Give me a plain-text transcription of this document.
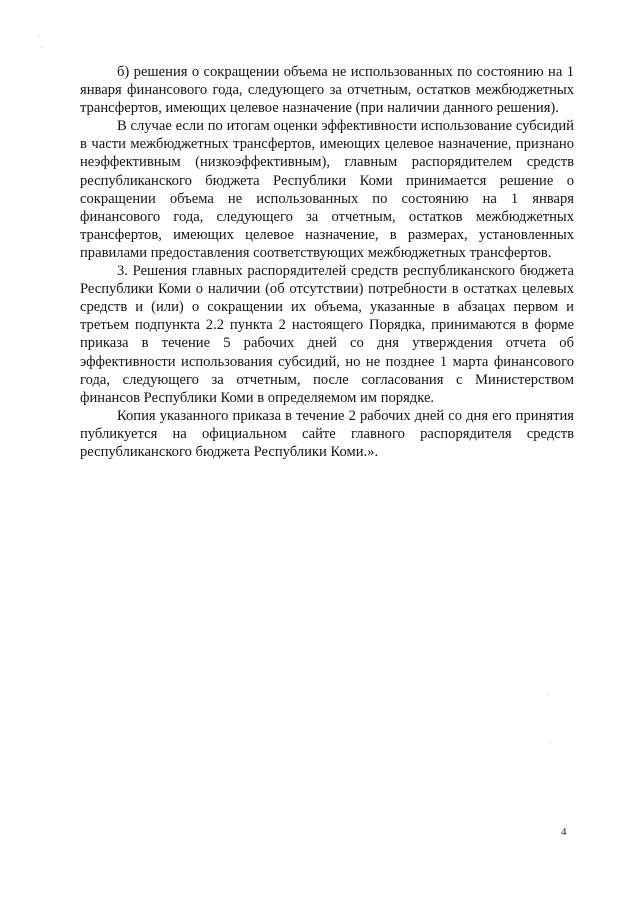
б) решения о сокращении объема не использованных по состоянию на 1 января финансового года, следующего за отчетным, остатков межбюджетных трансфертов, имеющих целевое назначение (при наличии данного решения).

В случае если по итогам оценки эффективности использование субсидий в части межбюджетных трансфертов, имеющих целевое назначение, признано неэффективным (низкоэффективным), главным распорядителем средств республиканского бюджета Республики Коми принимается решение о сокращении объема не использованных по состоянию на 1 января финансового года, следующего за отчетным, остатков межбюджетных трансфертов, имеющих целевое назначение, в размерах, установленных правилами предоставления соответствующих межбюджетных трансфертов.

3. Решения главных распорядителей средств республиканского бюджета Республики Коми о наличии (об отсутствии) потребности в остатках целевых средств и (или) о сокращении их объема, указанные в абзацах первом и третьем подпункта 2.2 пункта 2 настоящего Порядка, принимаются в форме приказа в течение 5 рабочих дней со дня утверждения отчета об эффективности использования субсидий, но не позднее 1 марта финансового года, следующего за отчетным, после согласования с Министерством финансов Республики Коми в определяемом им порядке.

Копия указанного приказа в течение 2 рабочих дней со дня его принятия публикуется на официальном сайте главного распорядителя средств республиканского бюджета Республики Коми.».

4
